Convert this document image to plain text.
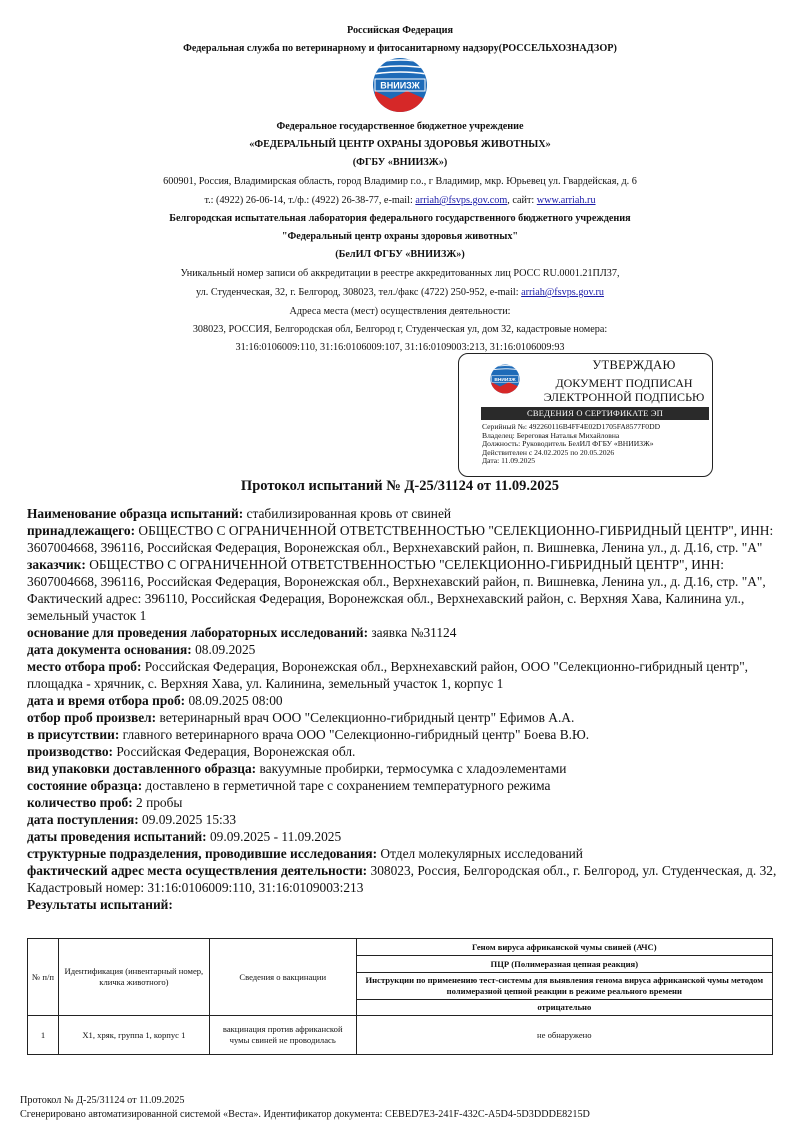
Российская Федерация
Федеральная служба по ветеринарному и фитосанитарному надзору(РОССЕЛЬХОЗНАДЗОР)
ВНИИЗЖ
Федеральное государственное бюджетное учреждение
«ФЕДЕРАЛЬНЫЙ ЦЕНТР ОХРАНЫ ЗДОРОВЬЯ ЖИВОТНЫХ»
(ФГБУ «ВНИИЗЖ»)
600901, Россия, Владимирская область, город Владимир г.о., г Владимир, мкр. Юрьевец ул. Гвардейская, д. 6
т.: (4922) 26-06-14, т./ф.: (4922) 26-38-77, e-mail: arriah@fsvps.gov.com, сайт: www.arriah.ru
Белгородская испытательная лаборатория федерального государственного бюджетного учреждения
"Федеральный центр охраны здоровья животных"
(БелИЛ ФГБУ «ВНИИЗЖ»)
Уникальный номер записи об аккредитации в реестре аккредитованных лиц РОСС RU.0001.21ПЛ37,
ул. Студенческая, 32, г. Белгород, 308023, тел./факс (4722) 250-952, e-mail: arriah@fsvps.gov.ru
Адреса места (мест) осуществления деятельности:
308023, РОССИЯ, Белгородская обл, Белгород г, Студенческая ул, дом 32, кадастровые номера:
31:16:0106009:110, 31:16:0106009:107, 31:16:0109003:213, 31:16:0106009:93
ВНИИЗЖ
УТВЕРЖДАЮ
ДОКУМЕНТ ПОДПИСАН
ЭЛЕКТРОННОЙ ПОДПИСЬЮ
СВЕДЕНИЯ О СЕРТИФИКАТЕ ЭП
Серийный №: 492260116B4FF4E02D1705FA8577F0DD
Владелец: Береговая Наталья Михайловна
Должность: Руководитель БелИЛ ФГБУ «ВНИИЗЖ»
Действителен с 24.02.2025 по 20.05.2026
Дата: 11.09.2025
Протокол испытаний № Д-25/31124 от 11.09.2025

Наименование образца испытаний: стабилизированная кровь от свиней

принадлежащего: ОБЩЕСТВО С ОГРАНИЧЕННОЙ ОТВЕТСТВЕННОСТЬЮ "СЕЛЕКЦИОННО-ГИБРИДНЫЙ ЦЕНТР", ИНН: 3607004668, 396116, Российская Федерация, Воронежская обл., Верхнехавский район, п. Вишневка, Ленина ул., д. Д.16, стр. "А"

заказчик: ОБЩЕСТВО С ОГРАНИЧЕННОЙ ОТВЕТСТВЕННОСТЬЮ "СЕЛЕКЦИОННО-ГИБРИДНЫЙ ЦЕНТР", ИНН: 3607004668, 396116, Российская Федерация, Воронежская обл., Верхнехавский район, п. Вишневка, Ленина ул., д. Д.16, стр. "А", Фактический адрес: 396110, Российская Федерация, Воронежская обл., Верхнехавский район, с. Верхняя Хава, Калинина ул., земельный участок 1

основание для проведения лабораторных исследований: заявка №31124

дата документа основания: 08.09.2025

место отбора проб: Российская Федерация, Воронежская обл., Верхнехавский район, ООО "Селекционно-гибридный центр", площадка - хрячник, с. Верхняя Хава, ул. Калинина, земельный участок 1, корпус 1

дата и время отбора проб: 08.09.2025 08:00

отбор проб произвел: ветеринарный врач ООО "Селекционно-гибридный центр" Ефимов А.А.

в присутствии: главного ветеринарного врача ООО "Селекционно-гибридный центр" Боева В.Ю.

производство: Российская Федерация, Воронежская обл.

вид упаковки доставленного образца: вакуумные пробирки, термосумка с хладоэлементами

состояние образца: доставлено в герметичной таре с сохранением температурного режима

количество проб: 2 пробы

дата поступления: 09.09.2025 15:33

даты проведения испытаний: 09.09.2025 - 11.09.2025

структурные подразделения, проводившие исследования: Отдел молекулярных исследований

фактический адрес места осуществления деятельности: 308023, Россия, Белгородская обл., г. Белгород, ул. Студенческая, д. 32, Кадастровый номер: 31:16:0106009:110, 31:16:0109003:213

Результаты испытаний:

№ п/п	Идентификация (инвентарный номер, кличка животного)	Сведения о вакцинации	Геном вируса африканской чумы свиней (АЧС)
			ПЦР (Полимеразная цепная реакция)
			Инструкции по применению тест-системы для выявления генома вируса африканской чумы методом полимеразной цепной реакции в режиме реального времени
			отрицательно
1	Х1, хряк, группа 1, корпус 1	вакцинация против африканской чумы свиней не проводилась	не обнаружено
Протокол № Д-25/31124 от 11.09.2025
Сгенерировано автоматизированной системой «Веста». Идентификатор документа: CEBED7E3-241F-432C-A5D4-5D3DDDE8215D
